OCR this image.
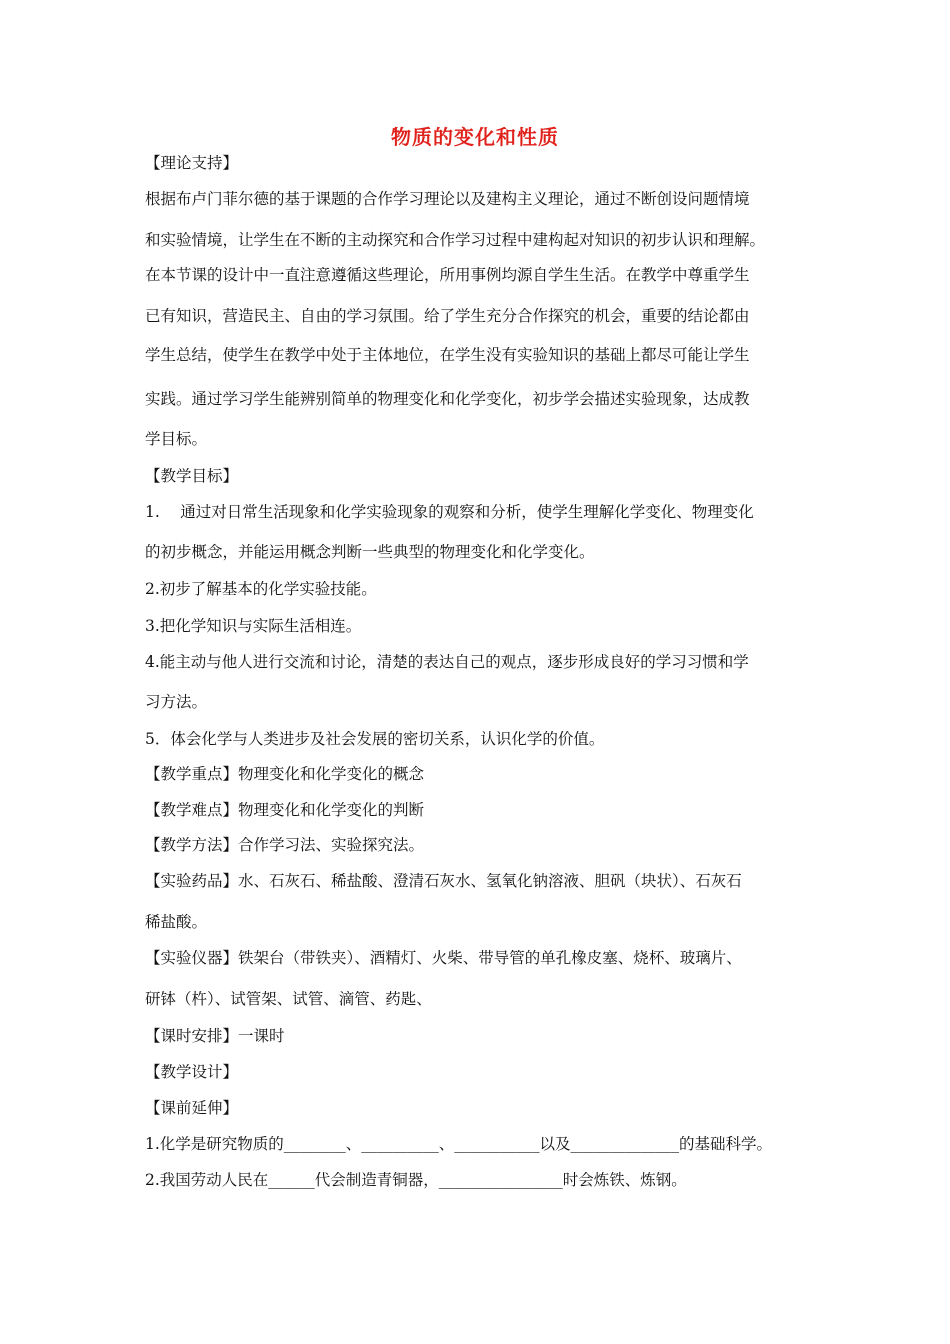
物质的变化和性质
【理论支持】
根据布卢门菲尔德的基于课题的合作学习理论以及建构主义理论，通过不断创设问题情境
和实验情境，让学生在不断的主动探究和合作学习过程中建构起对知识的初步认识和理解。
在本节课的设计中一直注意遵循这些理论，所用事例均源自学生生活。在教学中尊重学生
已有知识，营造民主、自由的学习氛围。给了学生充分合作探究的机会，重要的结论都由
学生总结，使学生在教学中处于主体地位，在学生没有实验知识的基础上都尽可能让学生
实践。通过学习学生能辨别简单的物理变化和化学变化，初步学会描述实验现象，达成教
学目标。
【教学目标】
1.　 通过对日常生活现象和化学实验现象的观察和分析，使学生理解化学变化、物理变化
的初步概念，并能运用概念判断一些典型的物理变化和化学变化。
2.初步了解基本的化学实验技能。
3.把化学知识与实际生活相连。
4.能主动与他人进行交流和讨论，清楚的表达自己的观点，逐步形成良好的学习习惯和学
习方法。
5．体会化学与人类进步及社会发展的密切关系，认识化学的价值。
【教学重点】物理变化和化学变化的概念
【教学难点】物理变化和化学变化的判断
【教学方法】合作学习法、实验探究法。
【实验药品】水、石灰石、稀盐酸、澄清石灰水、氢氧化钠溶液、胆矾（块状）、石灰石
稀盐酸。
【实验仪器】铁架台（带铁夹）、酒精灯、火柴、带导管的单孔橡皮塞、烧杯、玻璃片、
研钵（杵）、试管架、试管、滴管、药匙、
【课时安排】一课时
【教学设计】
【课前延伸】
1.化学是研究物质的________、__________、___________以及______________的基础科学。
2.我国劳动人民在______代会制造青铜器，________________时会炼铁、炼钢。
